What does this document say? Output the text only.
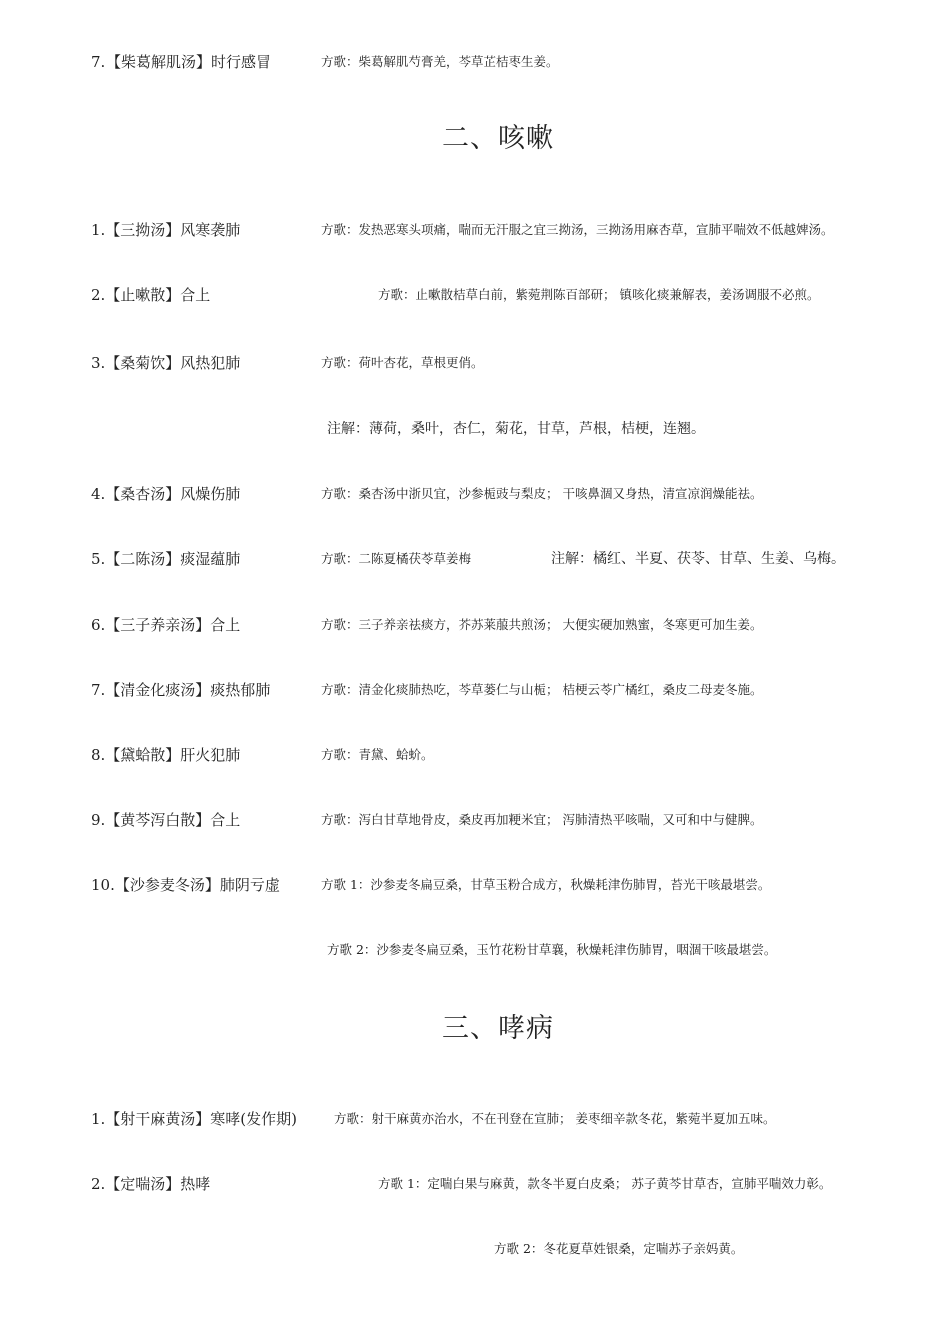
7. 【柴葛解肌汤】时行感冒	方歌：柴葛解肌芍膏羌，芩草芷桔枣生姜。
二、咳嗽
1.【三拗汤】风寒袭肺	方歌：发热恶寒头项痛，喘而无汗服之宜三拗汤，三拗汤用麻杏草，宣肺平喘效不低越婢汤。
2.【止嗽散】合上	方歌：止嗽散桔草白前，紫菀荆陈百部研； 镇咳化痰兼解表，姜汤调服不必煎。
3.【桑菊饮】风热犯肺	方歌：荷叶杏花，草根更俏。
注解：薄荷，桑叶，杏仁，菊花，甘草，芦根，桔梗，连翘。
4.【桑杏汤】风燥伤肺	方歌：桑杏汤中浙贝宜，沙参栀豉与梨皮； 干咳鼻涸又身热，清宣凉润燥能祛。
5.【二陈汤】痰湿蕴肺	方歌：二陈夏橘茯苓草姜梅	注解：橘红、半夏、茯苓、甘草、生姜、乌梅。
6.【三子养亲汤】合上	方歌：三子养亲祛痰方，芥苏莱菔共煎汤； 大便实硬加熟蜜，冬寒更可加生姜。
7.【清金化痰汤】痰热郁肺	方歌：清金化痰肺热吃，芩草蒌仁与山栀； 桔梗云苓广橘红，桑皮二母麦冬施。
8.【黛蛤散】肝火犯肺	方歌：青黛、蛤蚧。
9.【黄芩泻白散】合上	方歌：泻白甘草地骨皮，桑皮再加粳米宜； 泻肺清热平咳喘，又可和中与健脾。
10.【沙参麦冬汤】肺阴亏虚	方歌 1：沙参麦冬扁豆桑，甘草玉粉合成方，秋燥耗津伤肺胃，苔光干咳最堪尝。
方歌 2：沙参麦冬扁豆桑，玉竹花粉甘草襄，秋燥耗津伤肺胃，咽涸干咳最堪尝。
三、哮病
1.【射干麻黄汤】寒哮(发作期)	方歌：射干麻黄亦治水，不在刊登在宣肺； 姜枣细辛款冬花，紫菀半夏加五味。
2.【定喘汤】热哮	方歌 1：定喘白果与麻黄，款冬半夏白皮桑； 苏子黄芩甘草杏，宣肺平喘效力彰。
方歌 2：冬花夏草姓银桑，定喘苏子亲妈黄。
